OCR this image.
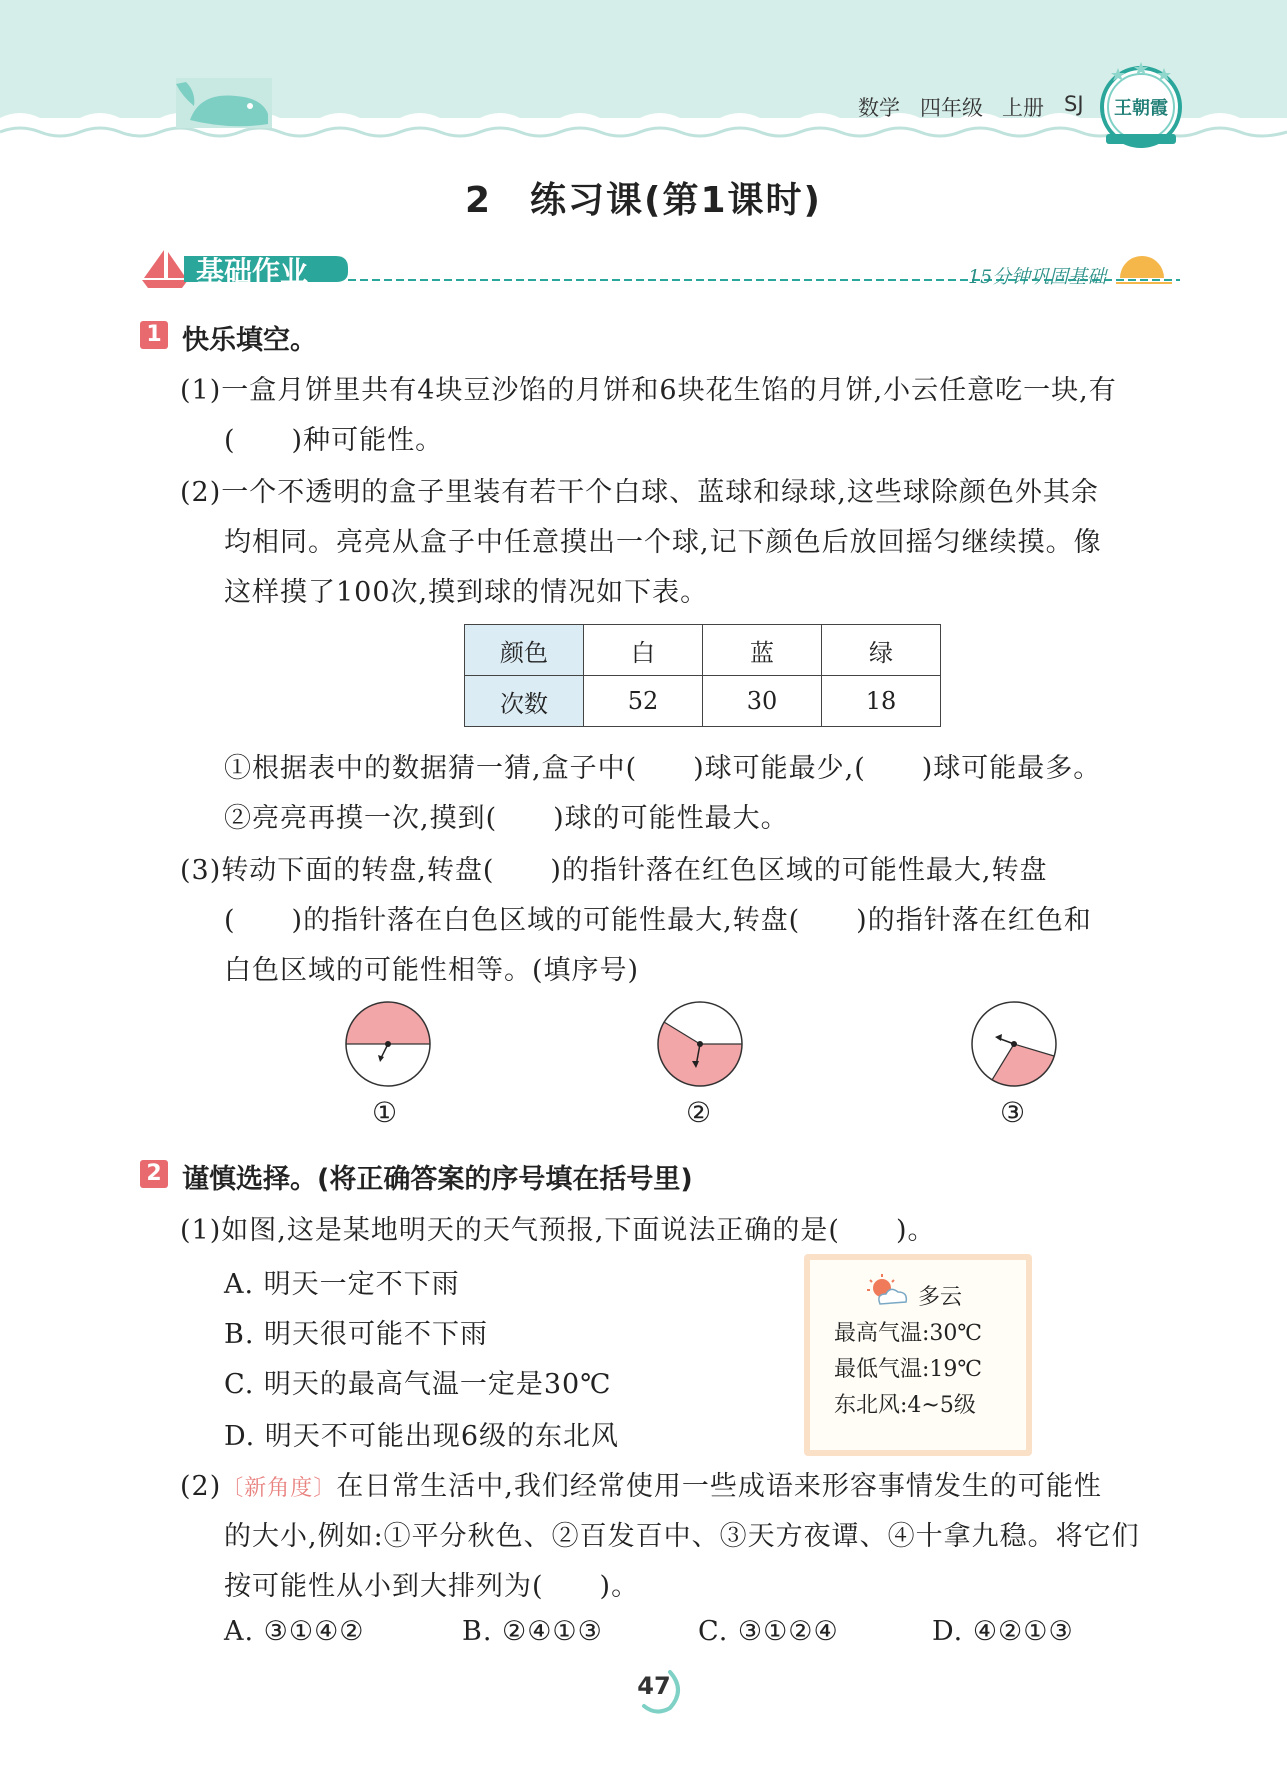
数学 四年级 上册 SJ	王朝霞
2　练习课(第1课时)
基础作业	15分钟巩固基础
1 快乐填空。
(1)一盒月饼里共有4块豆沙馅的月饼和6块花生馅的月饼,小云任意吃一块,有
(　　)种可能性。
(2)一个不透明的盒子里装有若干个白球、蓝球和绿球,这些球除颜色外其余
均相同。亮亮从盒子中任意摸出一个球,记下颜色后放回摇匀继续摸。像
这样摸了100次,摸到球的情况如下表。
颜色	白	蓝	绿
次数	52	30	18
①根据表中的数据猜一猜,盒子中(　　)球可能最少,(　　)球可能最多。
②亮亮再摸一次,摸到(　　)球的可能性最大。
(3)转动下面的转盘,转盘(　　)的指针落在红色区域的可能性最大,转盘
(　　)的指针落在白色区域的可能性最大,转盘(　　)的指针落在红色和
白色区域的可能性相等。(填序号)
①	②	③
2 谨慎选择。(将正确答案的序号填在括号里)
(1)如图,这是某地明天的天气预报,下面说法正确的是(　　)。
A. 明天一定不下雨
B. 明天很可能不下雨
C. 明天的最高气温一定是30℃
D. 明天不可能出现6级的东北风
多云
最高气温:30℃
最低气温:19℃
东北风:4~5级
(2)〔新角度〕在日常生活中,我们经常使用一些成语来形容事情发生的可能性
的大小,例如:①平分秋色、②百发百中、③天方夜谭、④十拿九稳。将它们
按可能性从小到大排列为(　　)。
A. ③①④②	B. ②④①③	C. ③①②④	D. ④②①③
47
